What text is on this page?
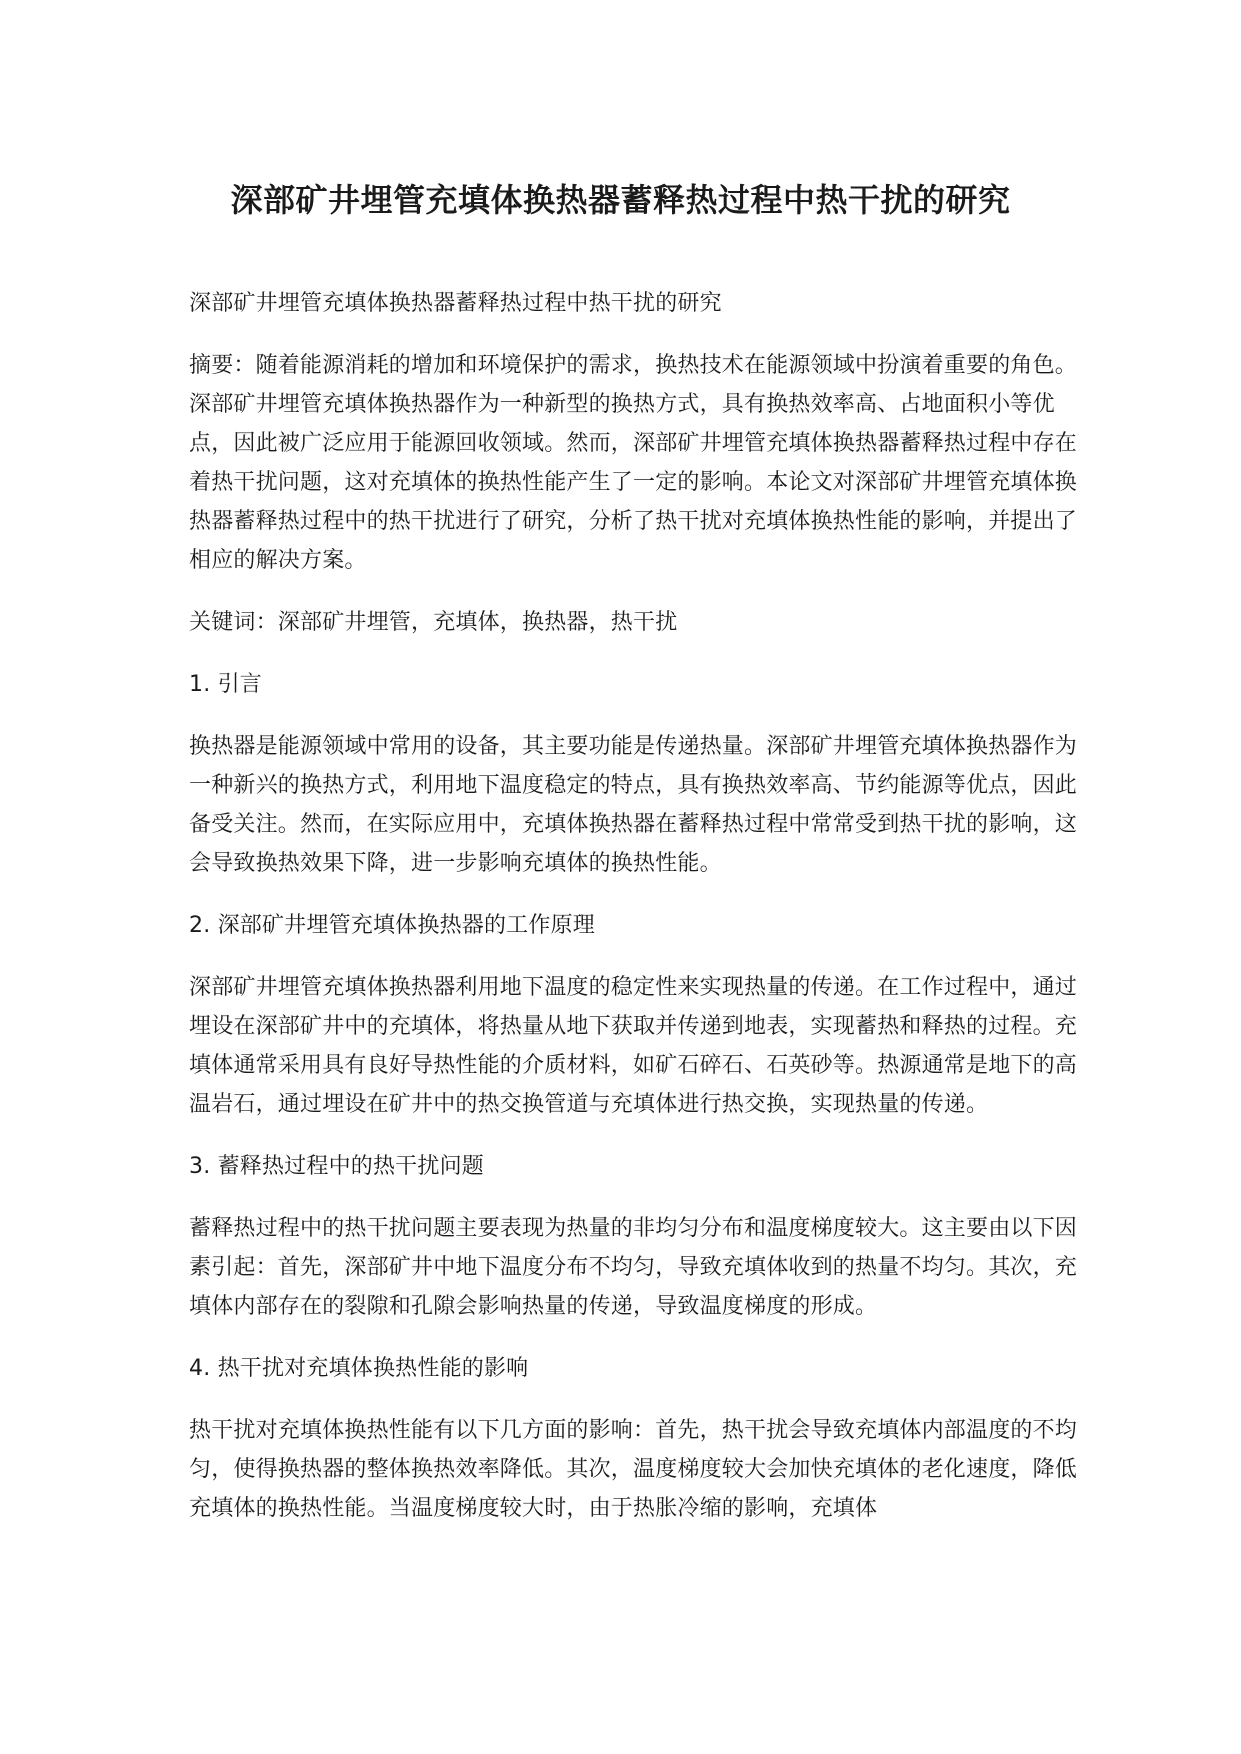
深部矿井埋管充填体换热器蓄释热过程中热干扰的研究

深部矿井埋管充填体换热器蓄释热过程中热干扰的研究

摘要：随着能源消耗的增加和环境保护的需求，换热技术在能源领域中扮演着重要的角色。深部矿井埋管充填体换热器作为一种新型的换热方式，具有换热效率高、占地面积小等优点，因此被广泛应用于能源回收领域。然而，深部矿井埋管充填体换热器蓄释热过程中存在着热干扰问题，这对充填体的换热性能产生了一定的影响。本论文对深部矿井埋管充填体换热器蓄释热过程中的热干扰进行了研究，分析了热干扰对充填体换热性能的影响，并提出了相应的解决方案。

关键词：深部矿井埋管，充填体，换热器，热干扰

1. 引言

换热器是能源领域中常用的设备，其主要功能是传递热量。深部矿井埋管充填体换热器作为一种新兴的换热方式，利用地下温度稳定的特点，具有换热效率高、节约能源等优点，因此备受关注。然而，在实际应用中，充填体换热器在蓄释热过程中常常受到热干扰的影响，这会导致换热效果下降，进一步影响充填体的换热性能。

2. 深部矿井埋管充填体换热器的工作原理

深部矿井埋管充填体换热器利用地下温度的稳定性来实现热量的传递。在工作过程中，通过埋设在深部矿井中的充填体，将热量从地下获取并传递到地表，实现蓄热和释热的过程。充填体通常采用具有良好导热性能的介质材料，如矿石碎石、石英砂等。热源通常是地下的高温岩石，通过埋设在矿井中的热交换管道与充填体进行热交换，实现热量的传递。

3. 蓄释热过程中的热干扰问题

蓄释热过程中的热干扰问题主要表现为热量的非均匀分布和温度梯度较大。这主要由以下因素引起：首先，深部矿井中地下温度分布不均匀，导致充填体收到的热量不均匀。其次，充填体内部存在的裂隙和孔隙会影响热量的传递，导致温度梯度的形成。

4. 热干扰对充填体换热性能的影响

热干扰对充填体换热性能有以下几方面的影响：首先，热干扰会导致充填体内部温度的不均匀，使得换热器的整体换热效率降低。其次，温度梯度较大会加快充填体的老化速度，降低充填体的换热性能。当温度梯度较大时，由于热胀冷缩的影响，充填体
